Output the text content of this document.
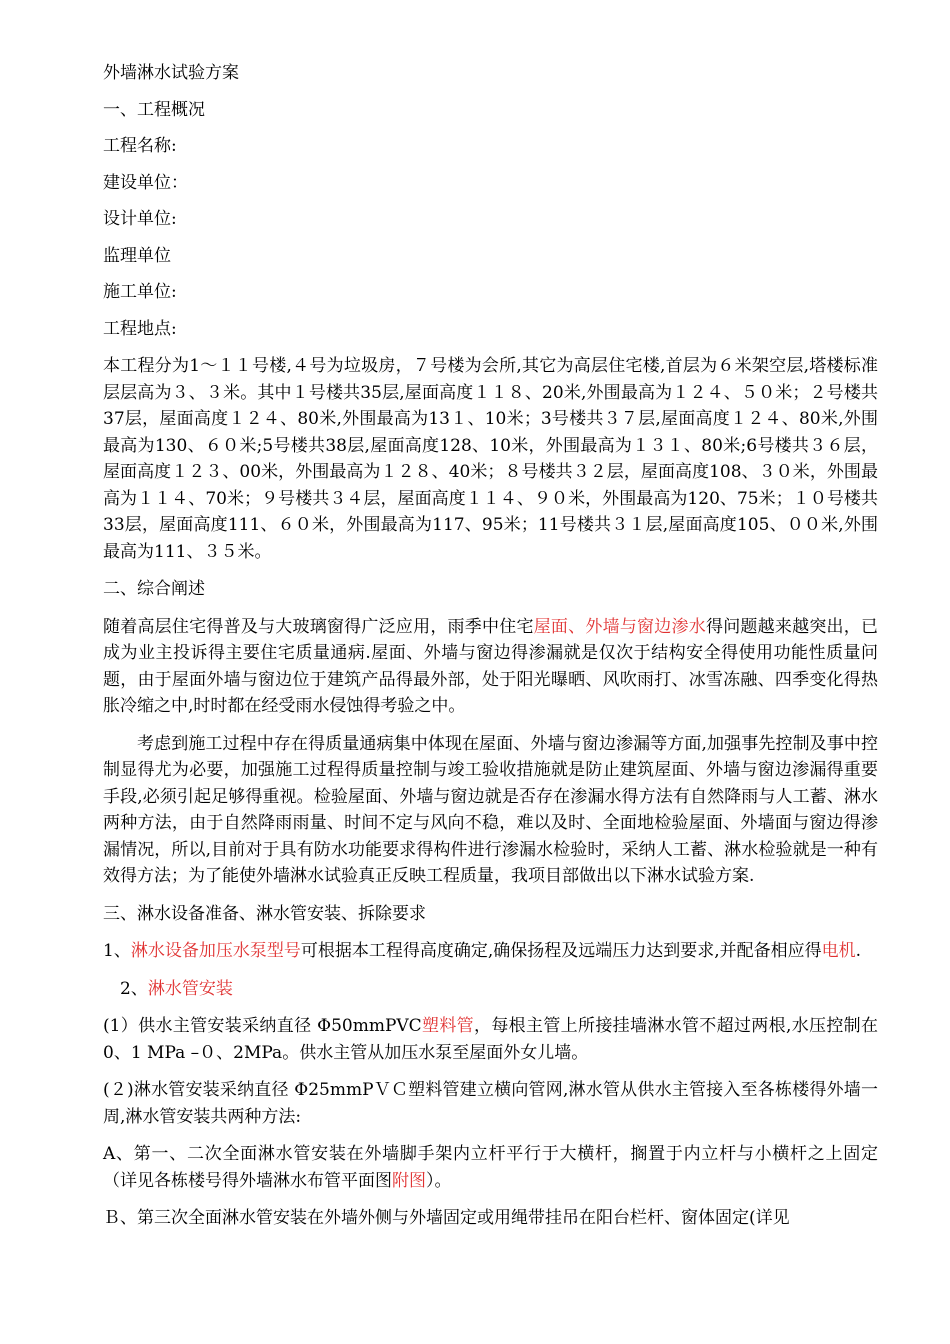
外墙淋水试验方案
一、工程概况
工程名称:
建设单位：
设计单位:
监理单位
施工单位:
工程地点:
本工程分为1～１１号楼,４号为垃圾房，７号楼为会所,其它为高层住宅楼,首层为６米架空层,塔楼标准层层高为３、３米。其中１号楼共35层,屋面高度１１８、20米,外围最高为１２４、５０米；２号楼共37层，屋面高度１２４、80米,外围最高为13１、10米；3号楼共３７层,屋面高度１２４、80米,外围最高为130、６０米;5号楼共38层,屋面高度128、10米，外围最高为１３１、80米;6号楼共３６层，屋面高度１２３、00米，外围最高为１２８、40米；８号楼共３２层，屋面高度108、３０米，外围最高为１１４、70米；９号楼共３４层，屋面高度１１４、９０米，外围最高为120、75米；１０号楼共33层，屋面高度111、６０米，外围最高为117、95米；11号楼共３１层,屋面高度105、００米,外围最高为111、３５米。
二、综合阐述
随着高层住宅得普及与大玻璃窗得广泛应用，雨季中住宅屋面、外墙与窗边渗水得问题越来越突出，已成为业主投诉得主要住宅质量通病.屋面、外墙与窗边得渗漏就是仅次于结构安全得使用功能性质量问题，由于屋面外墙与窗边位于建筑产品得最外部，处于阳光曝晒、风吹雨打、冰雪冻融、四季变化得热胀冷缩之中,时时都在经受雨水侵蚀得考验之中。
考虑到施工过程中存在得质量通病集中体现在屋面、外墙与窗边渗漏等方面,加强事先控制及事中控制显得尤为必要，加强施工过程得质量控制与竣工验收措施就是防止建筑屋面、外墙与窗边渗漏得重要手段,必须引起足够得重视。检验屋面、外墙与窗边就是否存在渗漏水得方法有自然降雨与人工蓄、淋水两种方法，由于自然降雨雨量、时间不定与风向不稳，难以及时、全面地检验屋面、外墙面与窗边得渗漏情况，所以,目前对于具有防水功能要求得构件进行渗漏水检验时，采纳人工蓄、淋水检验就是一种有效得方法；为了能使外墙淋水试验真正反映工程质量，我项目部做出以下淋水试验方案.
三、淋水设备准备、淋水管安装、拆除要求
1、淋水设备加压水泵型号可根据本工程得高度确定,确保扬程及远端压力达到要求,并配备相应得电机.
2、淋水管安装
(1）供水主管安装采纳直径 Φ50mmPVC塑料管，每根主管上所接挂墙淋水管不超过两根,水压控制在0、1 MPa –０、2MPa。供水主管从加压水泵至屋面外女儿墙。
(２)淋水管安装采纳直径 Φ25mmPＶＣ塑料管建立横向管网,淋水管从供水主管接入至各栋楼得外墙一周,淋水管安装共两种方法:
A、第一、二次全面淋水管安装在外墙脚手架内立杆平行于大横杆，搁置于内立杆与小横杆之上固定（详见各栋楼号得外墙淋水布管平面图附图）。
Ｂ、第三次全面淋水管安装在外墙外侧与外墙固定或用绳带挂吊在阳台栏杆、窗体固定(详见
